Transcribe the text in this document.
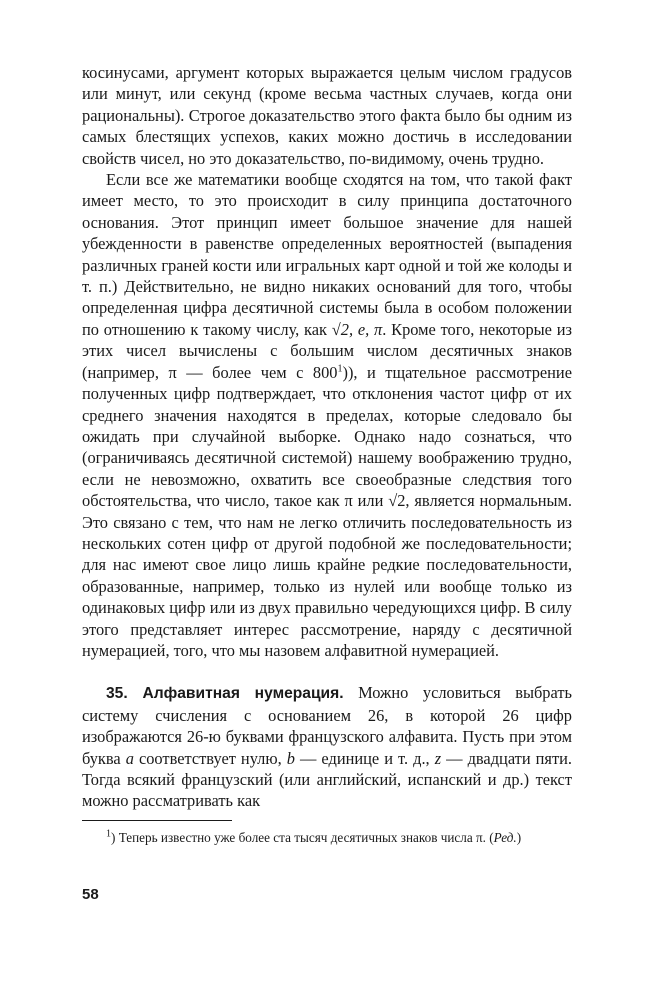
косинусами, аргумент которых выражается целым числом градусов или минут, или секунд (кроме весьма частных случаев, когда они рациональны). Строгое доказательство этого факта было бы одним из самых блестящих успехов, каких можно достичь в исследовании свойств чисел, но это доказательство, по-видимому, очень трудно.

Если все же математики вообще сходятся на том, что такой факт имеет место, то это происходит в силу принципа достаточного основания. Этот принцип имеет большое значение для нашей убежденности в равенстве определенных вероятностей (выпадения различных граней кости или игральных карт одной и той же колоды и т. п.) Действительно, не видно никаких оснований для того, чтобы определенная цифра десятичной системы была в особом положении по отношению к такому числу, как √2, e, π. Кроме того, некоторые из этих чисел вычислены с большим числом десятичных знаков (например, π — более чем с $800^1$)), и тщательное рассмотрение полученных цифр подтверждает, что отклонения частот цифр от их среднего значения находятся в пределах, которые следовало бы ожидать при случайной выборке. Однако надо сознаться, что (ограничиваясь десятичной системой) нашему воображению трудно, если не невозможно, охватить все своеобразные следствия того обстоятельства, что число, такое как π или √2, является нормальным. Это связано с тем, что нам не легко отличить последовательность из нескольких сотен цифр от другой подобной же последовательности; для нас имеют свое лицо лишь крайне редкие последовательности, образованные, например, только из нулей или вообще только из одинаковых цифр или из двух правильно чередующихся цифр. В силу этого представляет интерес рассмотрение, наряду с десятичной нумерацией, того, что мы назовем алфавитной нумерацией.

35. Алфавитная нумерация. Можно условиться выбрать систему счисления с основанием 26, в которой 26 цифр изображаются 26-ю буквами французского алфавита. Пусть при этом буква a соответствует нулю, b — единице и т. д., z — двадцати пяти. Тогда всякий французский (или английский, испанский и др.) текст можно рассматривать как

$^1$) Теперь известно уже более ста тысяч десятичных знаков числа π. (Ред.)

58
